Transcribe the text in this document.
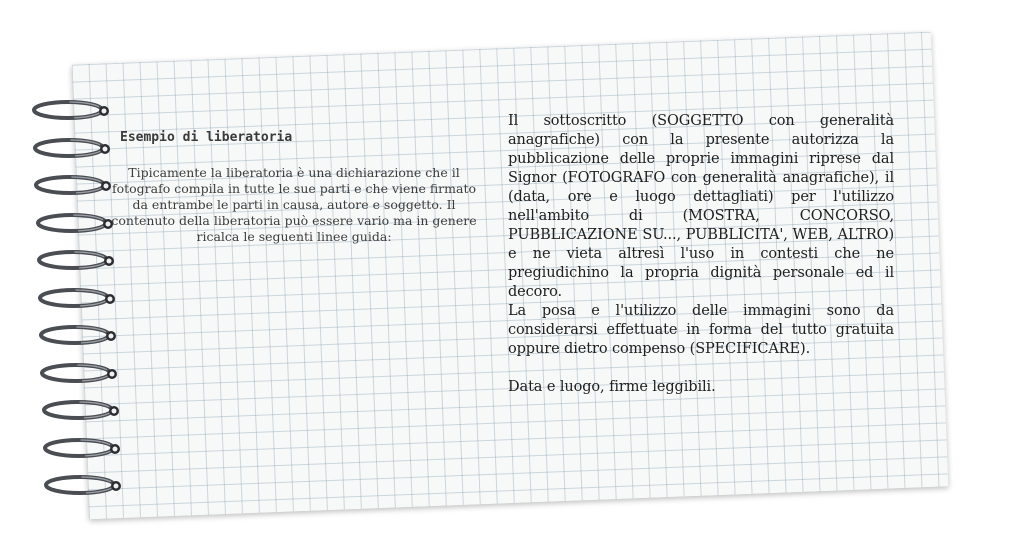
Esempio di liberatoria

Tipicamente la liberatoria è una dichiarazione che il fotografo compila in tutte le sue parti e che viene firmato da entrambe le parti in causa, autore e soggetto. Il contenuto della liberatoria può essere vario ma in genere ricalca le seguenti linee guida:

Il sottoscritto (SOGGETTO con generalità anagrafiche) con la presente autorizza la pubblicazione delle proprie immagini riprese dal Signor (FOTOGRAFO con generalità anagrafiche), il (data, ore e luogo dettagliati) per l'utilizzo nell'ambito di (MOSTRA, CONCORSO, PUBBLICAZIONE SU..., PUBBLICITA', WEB, ALTRO) e ne vieta altresì l'uso in contesti che ne pregiudichino la propria dignità personale ed il decoro.

La posa e l'utilizzo delle immagini sono da considerarsi effettuate in forma del tutto gratuita oppure dietro compenso (SPECIFICARE).

Data e luogo, firme leggibili.
